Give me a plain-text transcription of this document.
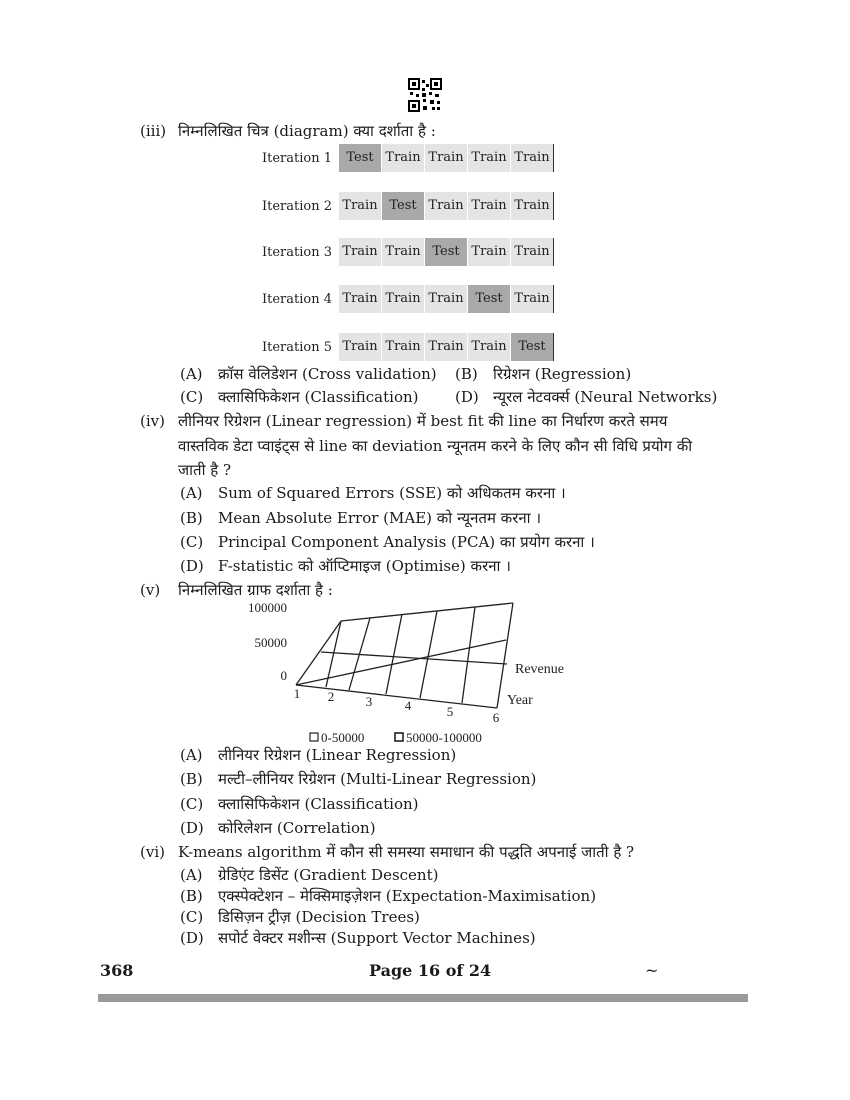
(iii) निम्नलिखित चित्र (diagram) क्या दर्शाता है :
Iteration 1	Test Train Train Train Train
Iteration 2 Train Test Train Train Train
Iteration 3 Train Train Test Train Train
Iteration 4 Train Train Train Test Train
Iteration 5 Train Train Train Train Test
(A) क्रॉस वेलिडेशन (Cross validation) (B) रिग्रेशन (Regression)
(C) क्लासिफिकेशन (Classification) (D) न्यूरल नेटवर्क्स (Neural Networks)
(iv) लीनियर रिग्रेशन (Linear regression) में best fit की line का निर्धारण करते समय
वास्तविक डेटा प्वाइंट्स से line का deviation न्यूनतम करने के लिए कौन सी विधि प्रयोग की
जाती है ?
(A) Sum of Squared Errors (SSE) को अधिकतम करना ।
(B) Mean Absolute Error (MAE) को न्यूनतम करना ।
(C) Principal Component Analysis (PCA) का प्रयोग करना ।
(D) F-statistic को ऑप्टिमाइज (Optimise) करना ।
(v) निम्नलिखित ग्राफ दर्शाता है :
100000
50000
0
1 2 3	4	5	6
Revenue
Year
0-50000	50000-100000
(A) लीनियर रिग्रेशन (Linear Regression)
(B) मल्टी–लीनियर रिग्रेशन (Multi-Linear Regression)
(C) क्लासिफिकेशन (Classification)
(D) कोरिलेशन (Correlation)
(vi) K-means algorithm में कौन सी समस्या समाधान की पद्धति अपनाई जाती है ?
(A) ग्रेडिएंट डिसेंट (Gradient Descent)
(B) एक्स्पेक्टेशन – मेक्सिमाइज़ेशन (Expectation-Maximisation)
(C) डिसिज़न ट्रीज़ (Decision Trees)
(D) सपोर्ट वेक्टर मशीन्स (Support Vector Machines)
368	Page 16 of 24	~
